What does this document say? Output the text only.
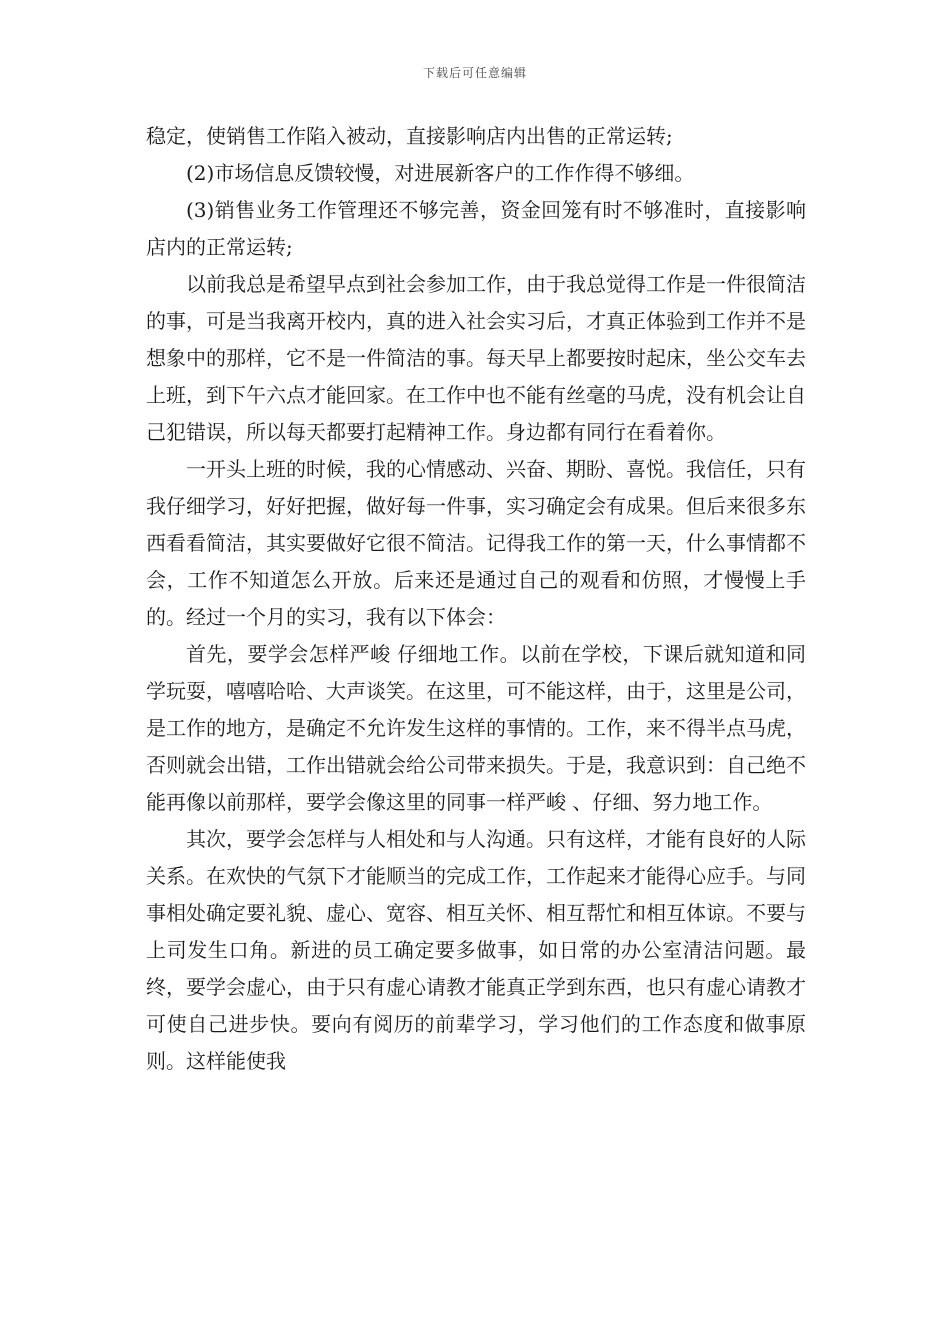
下载后可任意编辑

稳定，使销售工作陷入被动，直接影响店内出售的正常运转;

(2)市场信息反馈较慢，对进展新客户的工作作得不够细。

(3)销售业务工作管理还不够完善，资金回笼有时不够准时，直接影响店内的正常运转;

以前我总是希望早点到社会参加工作，由于我总觉得工作是一件很简洁的事，可是当我离开校内，真的进入社会实习后，才真正体验到工作并不是想象中的那样，它不是一件简洁的事。每天早上都要按时起床，坐公交车去上班，到下午六点才能回家。在工作中也不能有丝毫的马虎，没有机会让自己犯错误，所以每天都要打起精神工作。身边都有同行在看着你。

一开头上班的时候，我的心情感动、兴奋、期盼、喜悦。我信任，只有我仔细学习，好好把握，做好每一件事，实习确定会有成果。但后来很多东西看看简洁，其实要做好它很不简洁。记得我工作的第一天，什么事情都不会，工作不知道怎么开放。后来还是通过自己的观看和仿照，才慢慢上手的。经过一个月的实习，我有以下体会：

首先，要学会怎样严峻 仔细地工作。以前在学校，下课后就知道和同学玩耍，嘻嘻哈哈、大声谈笑。在这里，可不能这样，由于，这里是公司，是工作的地方，是确定不允许发生这样的事情的。工作，来不得半点马虎，否则就会出错，工作出错就会给公司带来损失。于是，我意识到：自己绝不能再像以前那样，要学会像这里的同事一样严峻 、仔细、努力地工作。

其次，要学会怎样与人相处和与人沟通。只有这样，才能有良好的人际关系。在欢快的气氛下才能顺当的完成工作，工作起来才能得心应手。与同事相处确定要礼貌、虚心、宽容、相互关怀、相互帮忙和相互体谅。不要与上司发生口角。新进的员工确定要多做事，如日常的办公室清洁问题。最终，要学会虚心，由于只有虚心请教才能真正学到东西，也只有虚心请教才可使自己进步快。要向有阅历的前辈学习，学习他们的工作态度和做事原则。这样能使我
